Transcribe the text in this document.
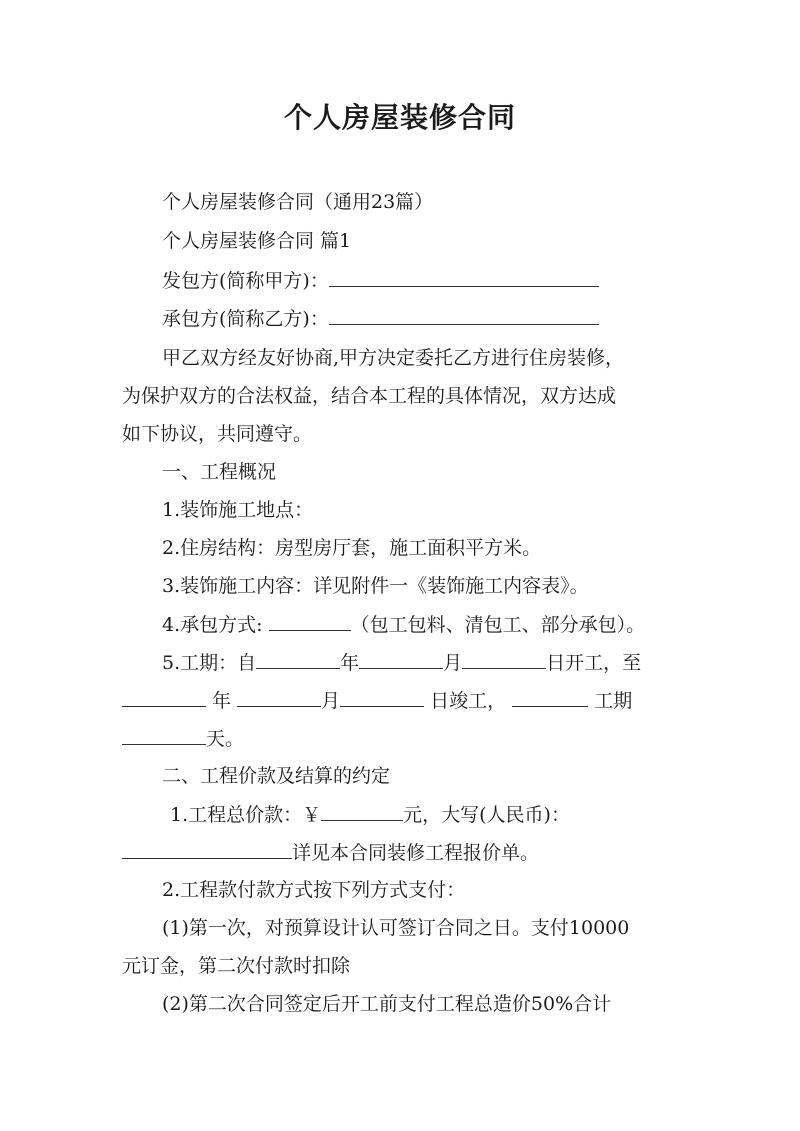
个人房屋装修合同
个人房屋装修合同（通用23篇）
个人房屋装修合同 篇1
发包方(简称甲方)：
承包方(简称乙方)：
甲乙双方经友好协商,甲方决定委托乙方进行住房装修，
为保护双方的合法权益，结合本工程的具体情况，双方达成
如下协议，共同遵守。
一、工程概况
1.装饰施工地点：
2.住房结构：房型房厅套，施工面积平方米。
3.装饰施工内容：详见附件一《装饰施工内容表》。
4.承包方式:	（包工包料、清包工、部分承包）。
5.工期：自	年	月	日开工，至
年	月	日竣工，	工期
天。
二、工程价款及结算的约定
1.工程总价款：￥	元，大写(人民币)：
详见本合同装修工程报价单。
2.工程款付款方式按下列方式支付：
(1)第一次，对预算设计认可签订合同之日。支付10000
元订金，第二次付款时扣除
(2)第二次合同签定后开工前支付工程总造价50%合计
